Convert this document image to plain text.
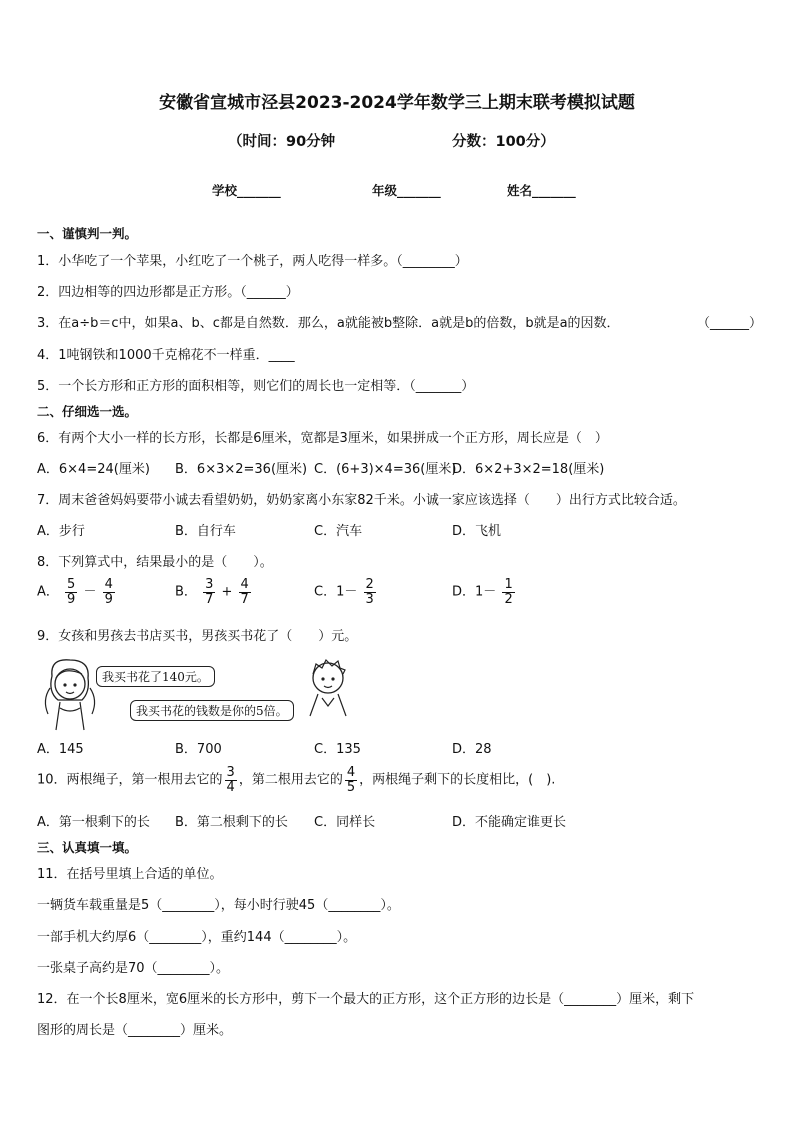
安徽省宣城市泾县2023-2024学年数学三上期末联考模拟试题
（时间：90分钟	分数：100分）
学校_______	年级_______	姓名_______
一、谨慎判一判。
1．小华吃了一个苹果，小红吃了一个桃子，两人吃得一样多。（________）
2．四边相等的四边形都是正方形。（______）
3．在a÷b＝c中，如果a、b、c都是自然数．那么，a就能被b整除．a就是b的倍数，b就是a的因数．	（______）
4．1吨钢铁和1000千克棉花不一样重．____
5．一个长方形和正方形的面积相等，则它们的周长也一定相等．（_______）
二、仔细选一选。
6．有两个大小一样的长方形，长都是6厘米，宽都是3厘米，如果拼成一个正方形，周长应是（　）
A．6×4=24(厘米) B．6×3×2=36(厘米) C．(6+3)×4=36(厘米)
D．6×2+3×2=18(厘米)
7．周末爸爸妈妈要带小诚去看望奶奶，奶奶家离小东家82千米。小诚一家应该选择（　　）出行方式比较合适。
A．步行	B．自行车	C．汽车	D．飞机
8．下列算式中，结果最小的是（　　）。
A． $\frac{5}{9} - \frac{4}{9}$	B． $\frac{3}{7} + \frac{4}{7}$	C．$1- \frac{2}{3}$	D．$1- \frac{1}{2}$
9．女孩和男孩去书店买书，男孩买书花了（　　）元。
我买书花了140元。
我买书花的钱数是你的5倍。
A．145	B．700	C．135	D．28
10．两根绳子，第一根用去它的 $\frac{3}{4}$ ，第二根用去它的 $\frac{4}{5}$ ，两根绳子剩下的长度相比，(　).
A．第一根剩下的长 B．第二根剩下的长 C．同样长	D．不能确定谁更长
三、认真填一填。
11．在括号里填上合适的单位。
一辆货车载重量是5（________），每小时行驶45（________）。
一部手机大约厚6（________），重约144（________）。
一张桌子高约是70（________）。
12．在一个长8厘米，宽6厘米的长方形中，剪下一个最大的正方形，这个正方形的边长是（________）厘米，剩下
图形的周长是（________）厘米。
